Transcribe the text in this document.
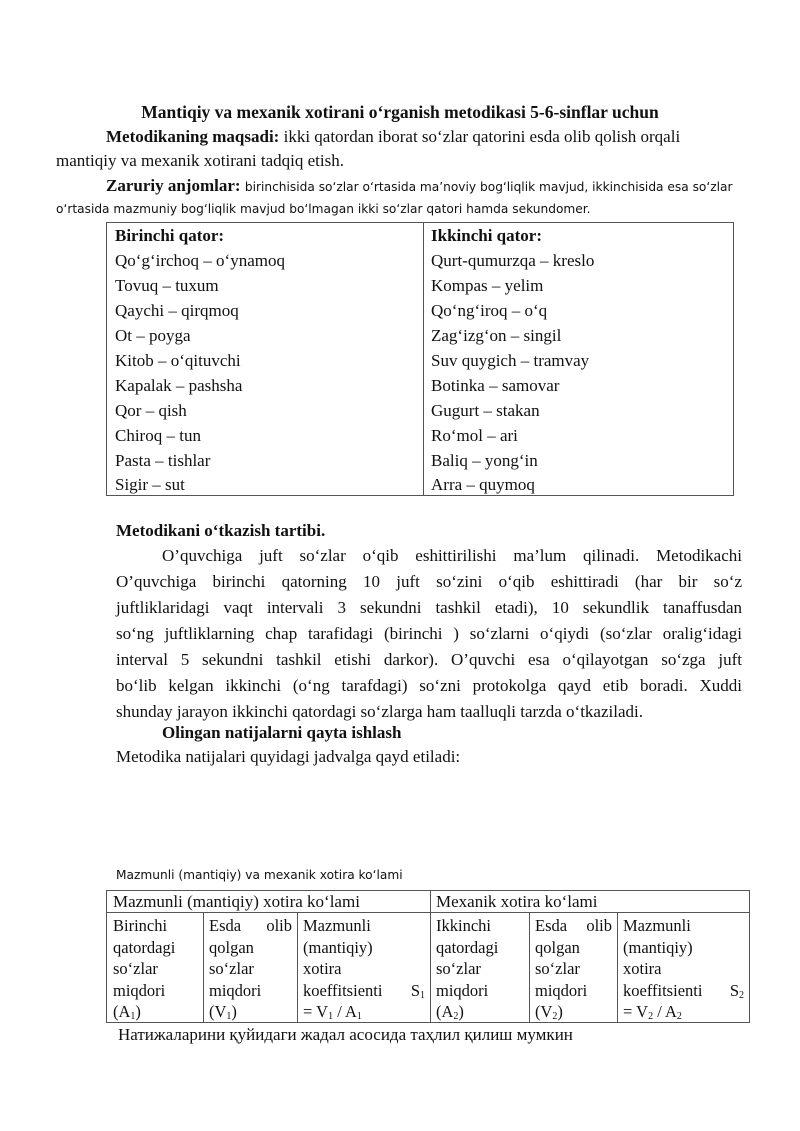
Mantiqiy va mexanik xotirani o‘rganish metodikasi 5-6-sinflar uchun
Metodikaning maqsadi: ikki qatordan iborat so‘zlar qatorini esda olib qolish orqali
mantiqiy va mexanik xotirani tadqiq etish.
Zaruriy anjomlar: birinchisida so‘zlar o‘rtasida ma’noviy bog‘liqlik mavjud, ikkinchisida esa so‘zlar
o‘rtasida mazmuniy bog‘liqlik mavjud bo‘lmagan ikki so‘zlar qatori hamda sekundomer.
Birinchi qator:
Qo‘g‘irchoq – o‘ynamoq
Tovuq – tuxum
Qaychi – qirqmoq
Ot – poyga
Kitob – o‘qituvchi
Kapalak – pashsha
Qor – qish
Chiroq – tun
Pasta – tishlar
Sigir – sut
Ikkinchi qator:
Qurt-qumurzqa – kreslo
Kompas – yelim
Qo‘ng‘iroq – o‘q
Zag‘izg‘on – singil
Suv quygich – tramvay
Botinka – samovar
Gugurt – stakan
Ro‘mol – ari
Baliq – yong‘in
Arra – quymoq
Metodikani o‘tkazish tartibi.
O’quvchiga juft so‘zlar o‘qib eshittirilishi ma’lum qilinadi. Metodikachi
O’quvchiga birinchi qatorning 10 juft so‘zini o‘qib eshittiradi (har bir so‘z
juftliklaridagi vaqt intervali 3 sekundni tashkil etadi), 10 sekundlik tanaffusdan
so‘ng juftliklarning chap tarafidagi (birinchi ) so‘zlarni o‘qiydi (so‘zlar oralig‘idagi
interval 5 sekundni tashkil etishi darkor). O’quvchi esa o‘qilayotgan so‘zga juft
bo‘lib kelgan ikkinchi (o‘ng tarafdagi) so‘zni protokolga qayd etib boradi. Xuddi
shunday jarayon ikkinchi qatordagi so‘zlarga ham taalluqli tarzda o‘tkaziladi.
Olingan natijalarni qayta ishlash
Metodika natijalari quyidagi jadvalga qayd etiladi:
Mazmunli (mantiqiy) va mexanik xotira ko‘lami
Mazmunli (mantiqiy) xotira ko‘lami	Mexanik xotira ko‘lami
Birinchi
qatordagi
so‘zlar
miqdori
$(A_1)$
Esda olib
qolgan
so‘zlar
miqdori
$(V_1)$
Mazmunli
(mantiqiy)
xotira
koeffitsienti $S_1$
= $V_1 / A_1$
Ikkinchi
qatordagi
so‘zlar
miqdori
$(A_2)$
Esda olib
qolgan
so‘zlar
miqdori
$(V_2)$
Mazmunli
(mantiqiy)
xotira
koeffitsienti $S_2$
= $V_2 / A_2$
Натижаларини қуйидаги жадал асосида таҳлил қилиш мумкин
